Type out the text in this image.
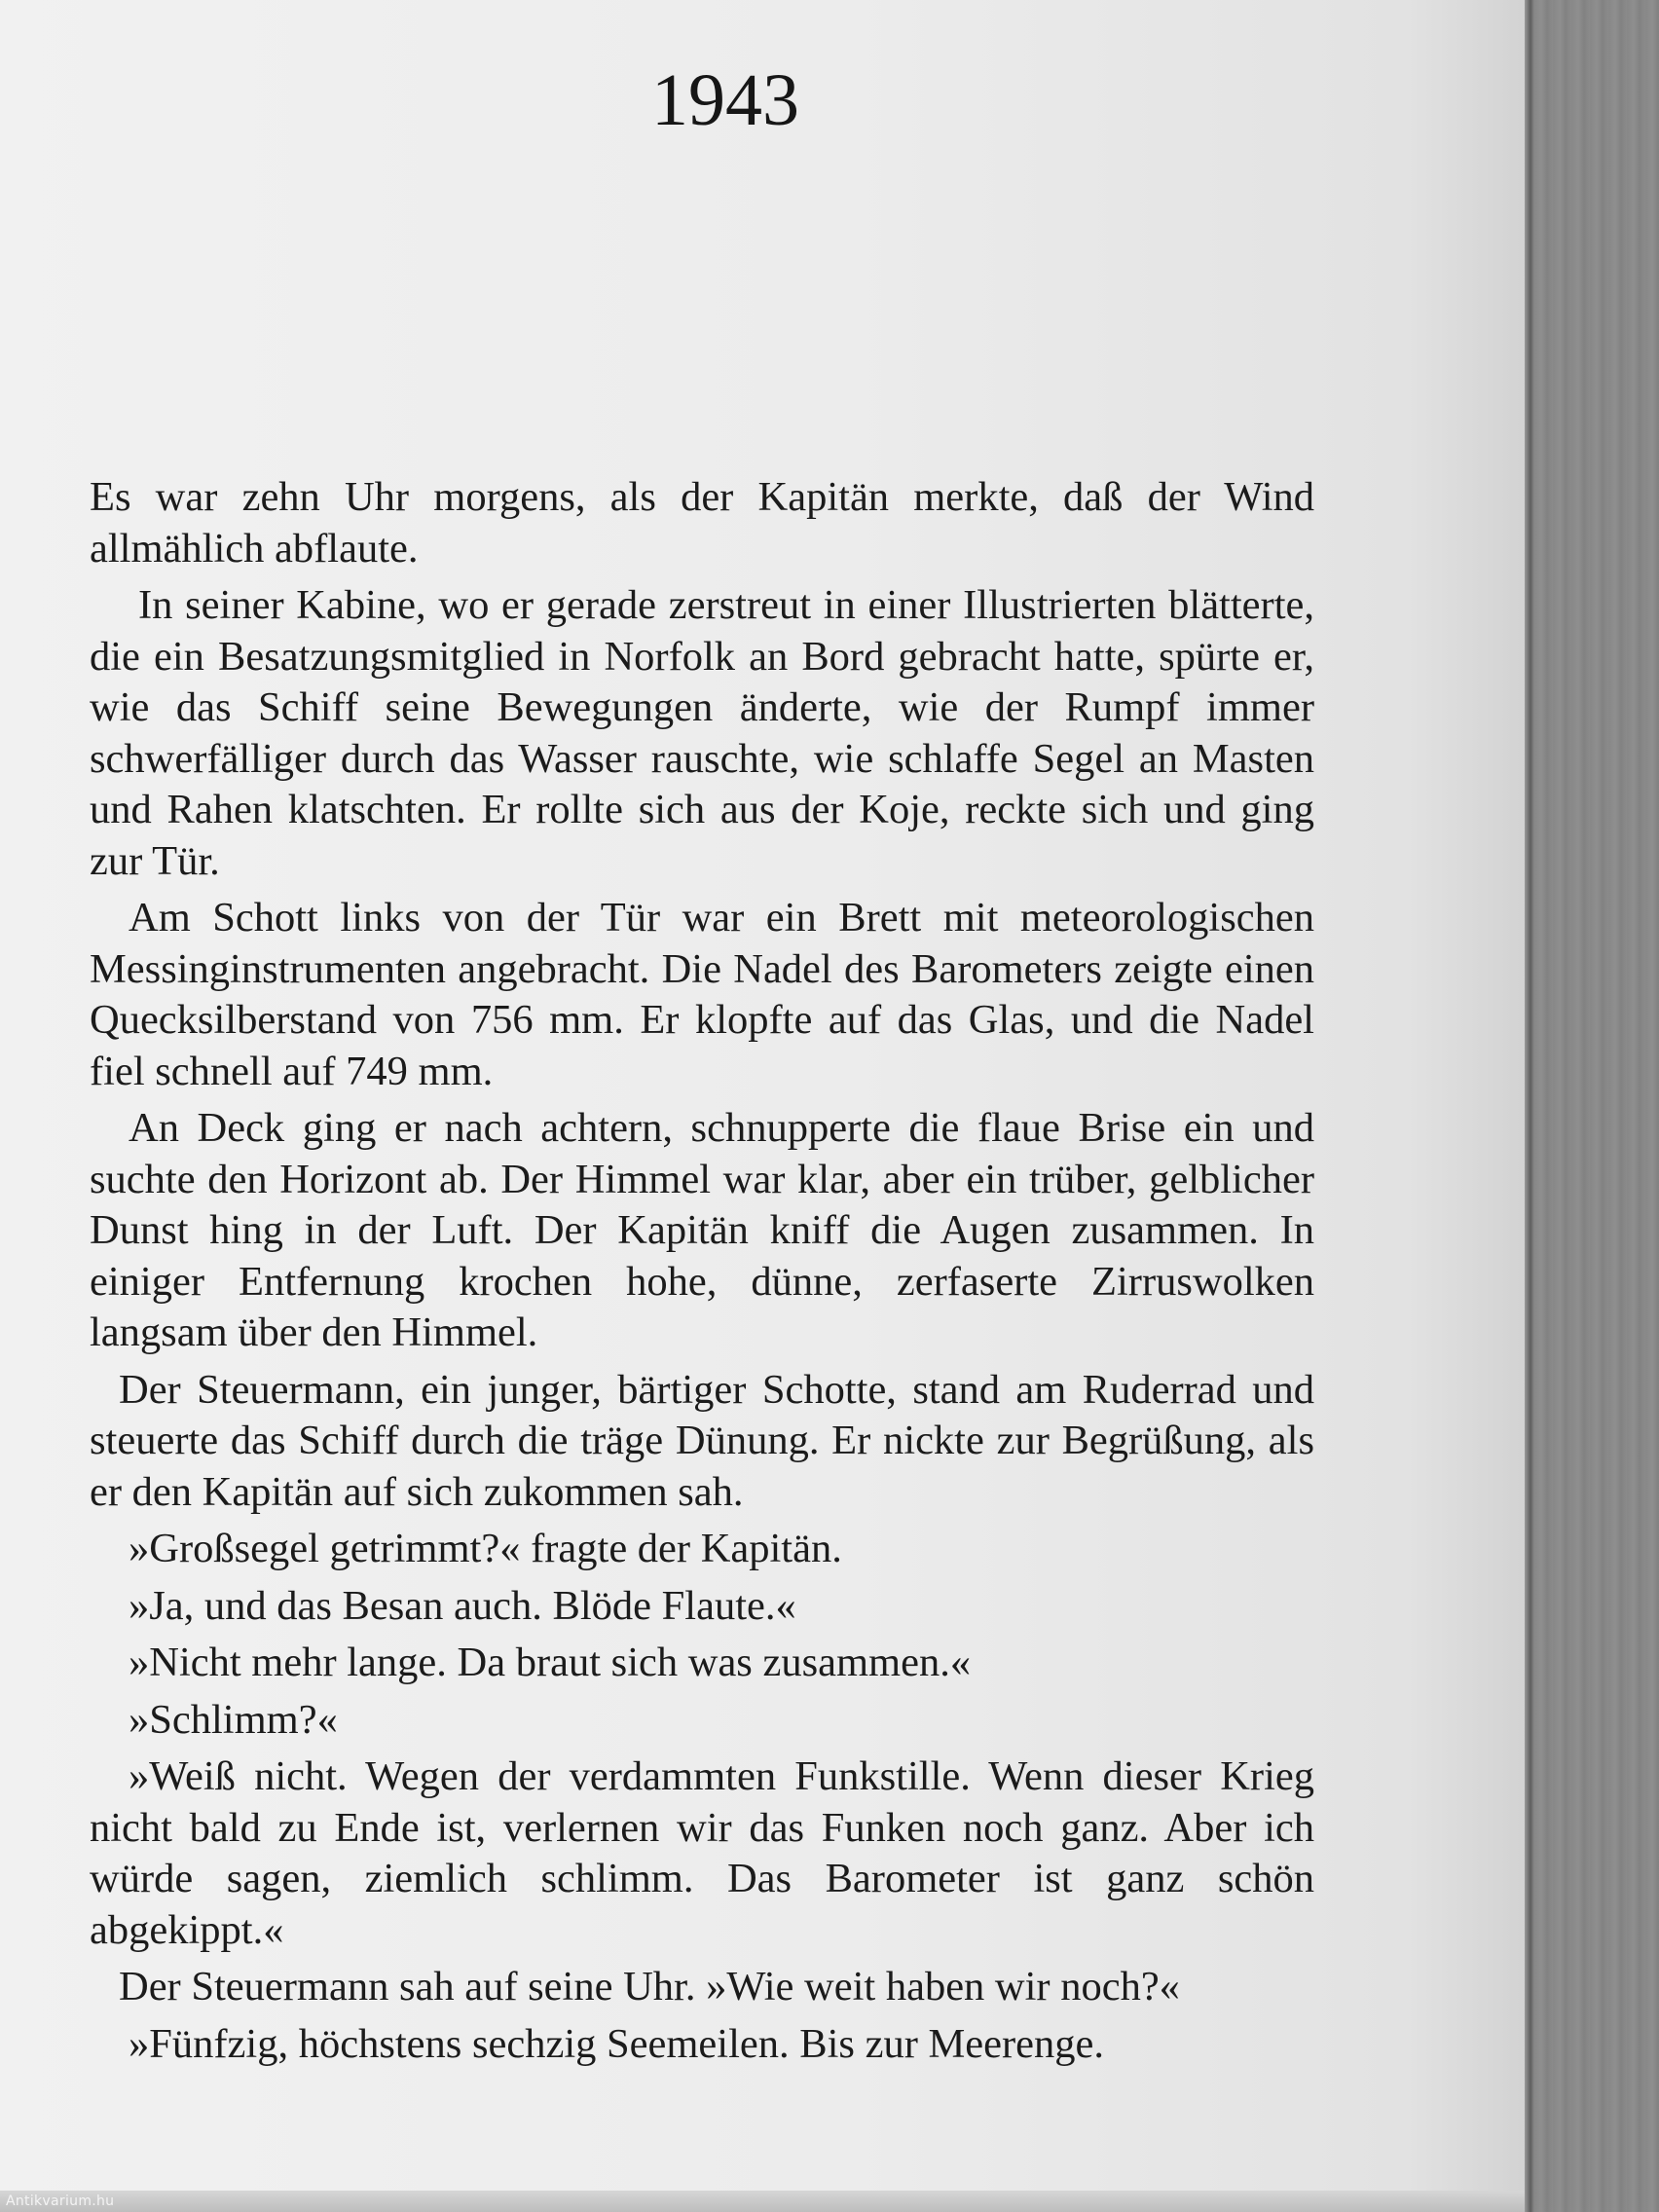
1943

Es war zehn Uhr morgens, als der Kapitän merkte, daß der Wind allmählich abflaute.

In seiner Kabine, wo er gerade zerstreut in einer Illustrierten blätterte, die ein Besatzungsmitglied in Norfolk an Bord gebracht hatte, spürte er, wie das Schiff seine Bewegungen änderte, wie der Rumpf immer schwerfälliger durch das Wasser rauschte, wie schlaffe Segel an Masten und Rahen klatschten. Er rollte sich aus der Koje, reckte sich und ging zur Tür.

Am Schott links von der Tür war ein Brett mit meteorologischen Messinginstrumenten angebracht. Die Nadel des Barometers zeigte einen Quecksilberstand von 756 mm. Er klopfte auf das Glas, und die Nadel fiel schnell auf 749 mm.

An Deck ging er nach achtern, schnupperte die flaue Brise ein und suchte den Horizont ab. Der Himmel war klar, aber ein trüber, gelblicher Dunst hing in der Luft. Der Kapitän kniff die Augen zusammen. In einiger Entfernung krochen hohe, dünne, zerfaserte Zirruswolken langsam über den Himmel.

Der Steuermann, ein junger, bärtiger Schotte, stand am Ruderrad und steuerte das Schiff durch die träge Dünung. Er nickte zur Begrüßung, als er den Kapitän auf sich zukommen sah.

»Großsegel getrimmt?« fragte der Kapitän.

»Ja, und das Besan auch. Blöde Flaute.«

»Nicht mehr lange. Da braut sich was zusammen.«

»Schlimm?«

»Weiß nicht. Wegen der verdammten Funkstille. Wenn dieser Krieg nicht bald zu Ende ist, verlernen wir das Funken noch ganz. Aber ich würde sagen, ziemlich schlimm. Das Barometer ist ganz schön abgekippt.«

Der Steuermann sah auf seine Uhr. »Wie weit haben wir noch?«

»Fünfzig, höchstens sechzig Seemeilen. Bis zur Meerenge.

Antikvarium.hu
